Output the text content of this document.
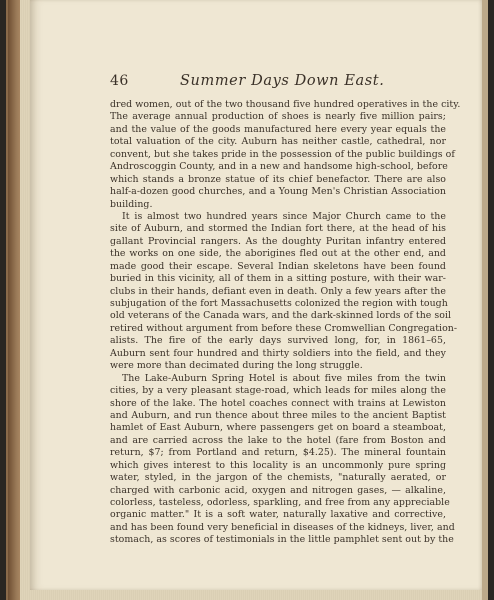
46	Summer Days Down East.
dred women, out of the two thousand five hundred operatives in the city.
The average annual production of shoes is nearly five million pairs;
and the value of the goods manufactured here every year equals the
total valuation of the city. Auburn has neither castle, cathedral, nor
convent, but she takes pride in the possession of the public buildings of
Androscoggin County, and in a new and handsome high-school, before
which stands a bronze statue of its chief benefactor. There are also
half-a-dozen good churches, and a Young Men's Christian Association
building.
It is almost two hundred years since Major Church came to the
site of Auburn, and stormed the Indian fort there, at the head of his
gallant Provincial rangers. As the doughty Puritan infantry entered
the works on one side, the aborigines fled out at the other end, and
made good their escape. Several Indian skeletons have been found
buried in this vicinity, all of them in a sitting posture, with their war-
clubs in their hands, defiant even in death. Only a few years after the
subjugation of the fort Massachusetts colonized the region with tough
old veterans of the Canada wars, and the dark-skinned lords of the soil
retired without argument from before these Cromwellian Congregation-
alists. The fire of the early days survived long, for, in 1861–65,
Auburn sent four hundred and thirty soldiers into the field, and they
were more than decimated during the long struggle.
The Lake-Auburn Spring Hotel is about five miles from the twin
cities, by a very pleasant stage-road, which leads for miles along the
shore of the lake. The hotel coaches connect with trains at Lewiston
and Auburn, and run thence about three miles to the ancient Baptist
hamlet of East Auburn, where passengers get on board a steamboat,
and are carried across the lake to the hotel (fare from Boston and
return, $7; from Portland and return, $4.25). The mineral fountain
which gives interest to this locality is an uncommonly pure spring
water, styled, in the jargon of the chemists, "naturally aerated, or
charged with carbonic acid, oxygen and nitrogen gases, — alkaline,
colorless, tasteless, odorless, sparkling, and free from any appreciable
organic matter." It is a soft water, naturally laxative and corrective,
and has been found very beneficial in diseases of the kidneys, liver, and
stomach, as scores of testimonials in the little pamphlet sent out by the
